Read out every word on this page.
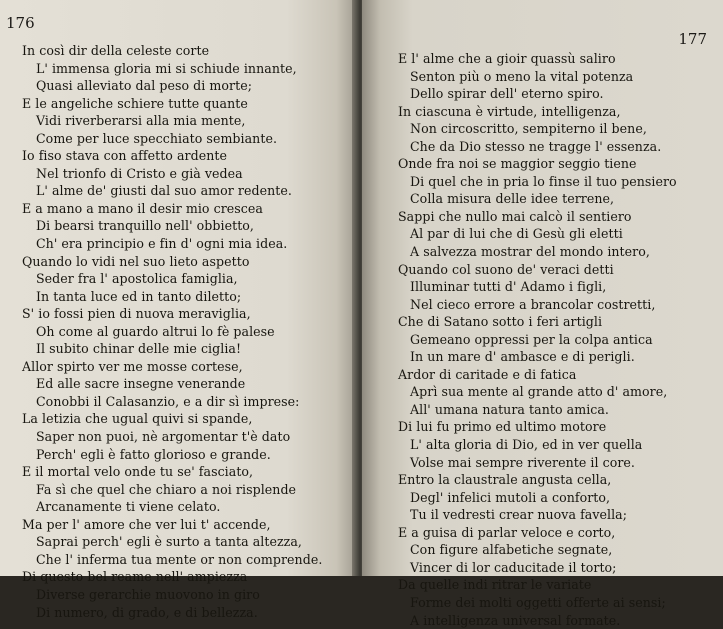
176
In così dir della celeste corte
L' immensa gloria mi si schiude innante,
Quasi alleviato dal peso di morte;
E le angeliche schiere tutte quante
Vidi riverberarsi alla mia mente,
Come per luce specchiato sembiante.
Io fiso stava con affetto ardente
Nel trionfo di Cristo e già vedea
L' alme de' giusti dal suo amor redente.
E a mano a mano il desir mio crescea
Di bearsi tranquillo nell' obbietto,
Ch' era principio e fin d' ogni mia idea.
Quando lo vidi nel suo lieto aspetto
Seder fra l' apostolica famiglia,
In tanta luce ed in tanto diletto;
S' io fossi pien di nuova meraviglia,
Oh come al guardo altrui lo fè palese
Il subito chinar delle mie ciglia!
Allor spirto ver me mosse cortese,
Ed alle sacre insegne venerande
Conobbi il Calasanzio, e a dir sì imprese:
La letizia che ugual quivi si spande,
Saper non puoi, nè argomentar t'è dato
Perch' egli è fatto glorioso e grande.
E il mortal velo onde tu se' fasciato,
Fa sì che quel che chiaro a noi risplende
Arcanamente ti viene celato.
Ma per l' amore che ver lui t' accende,
Saprai perch' egli è surto a tanta altezza,
Che l' inferma tua mente or non comprende.
Di questo bel reame nell' ampiezza
Diverse gerarchie muovono in giro
Di numero, di grado, e di bellezza.
177
E l' alme che a gioir quassù saliro
Senton più o meno la vital potenza
Dello spirar dell' eterno spiro.
In ciascuna è virtude, intelligenza,
Non circoscritto, sempiterno il bene,
Che da Dio stesso ne tragge l' essenza.
Onde fra noi se maggior seggio tiene
Di quel che in pria lo finse il tuo pensiero
Colla misura delle idee terrene,
Sappi che nullo mai calcò il sentiero
Al par di lui che di Gesù gli eletti
A salvezza mostrar del mondo intero,
Quando col suono de' veraci detti
Illuminar tutti d' Adamo i figli,
Nel cieco errore a brancolar costretti,
Che di Satano sotto i feri artigli
Gemeano oppressi per la colpa antica
In un mare d' ambasce e di perigli.
Ardor di caritade e di fatica
Aprì sua mente al grande atto d' amore,
All' umana natura tanto amica.
Di lui fu primo ed ultimo motore
L' alta gloria di Dio, ed in ver quella
Volse mai sempre riverente il core.
Entro la claustrale angusta cella,
Degl' infelici mutoli a conforto,
Tu il vedresti crear nuova favella;
E a guisa di parlar veloce e corto,
Con figure alfabetiche segnate,
Vincer di lor caducitade il torto;
Da quelle indi ritrar le variate
Forme dei molti oggetti offerte ai sensi;
A intelligenza universal formate.
